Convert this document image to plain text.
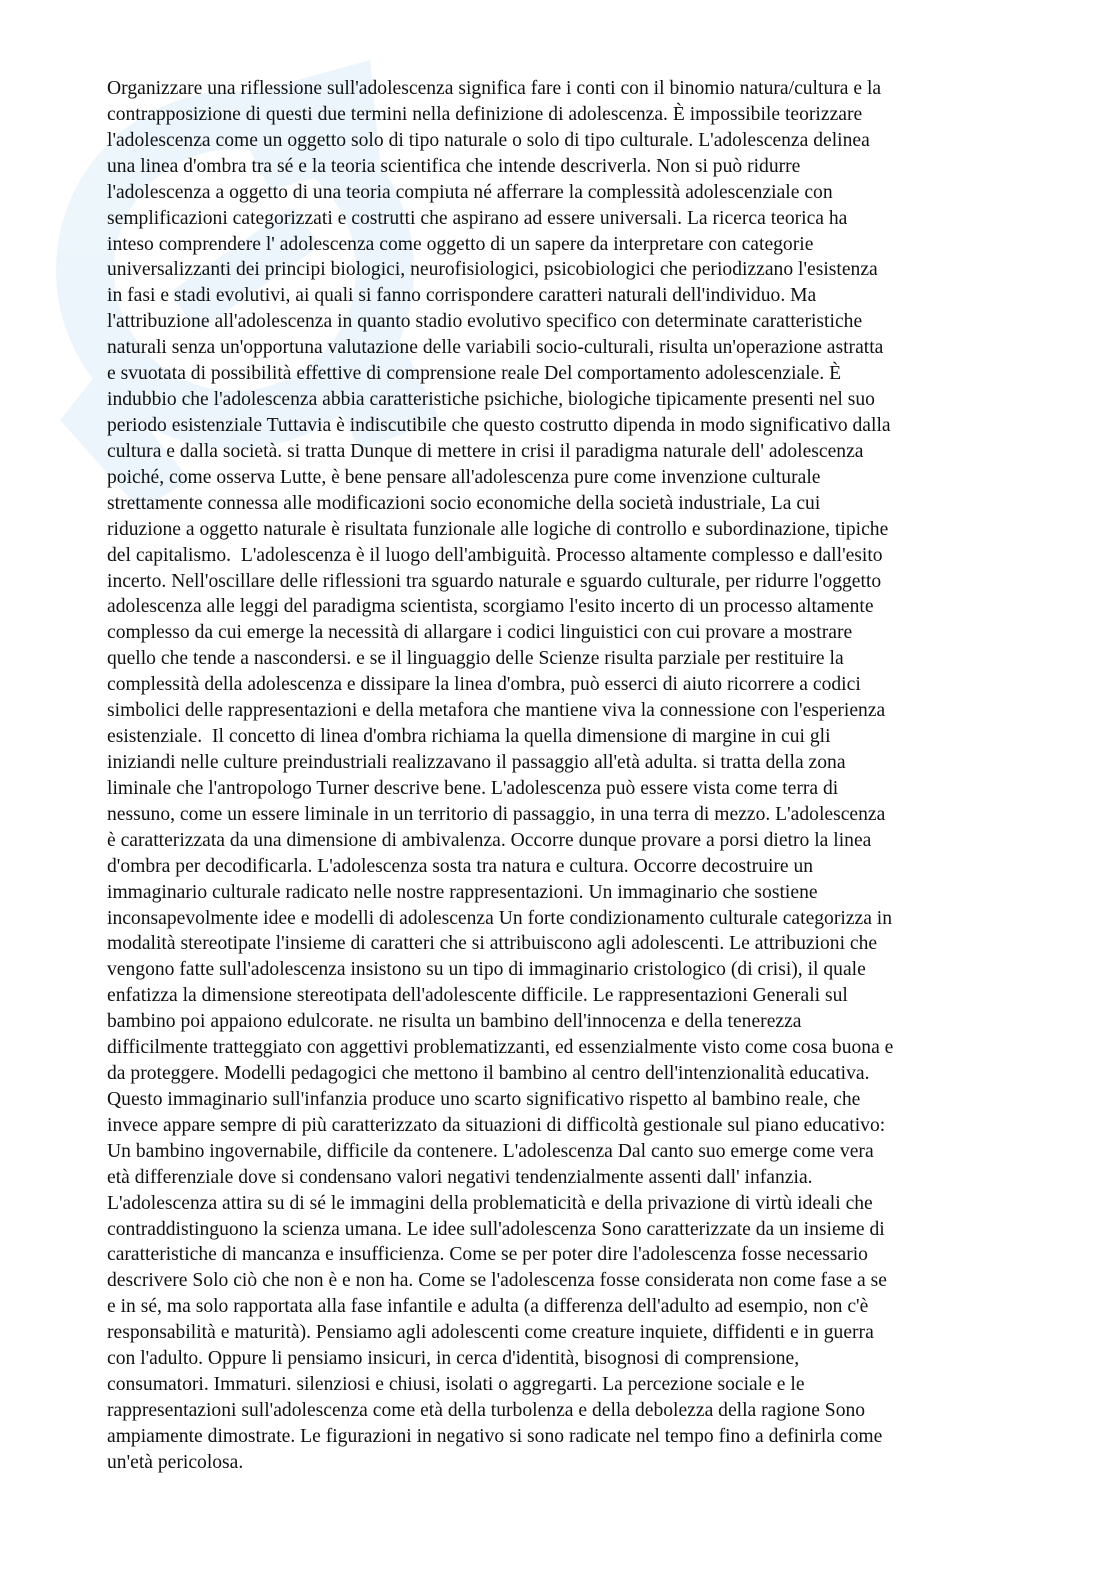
Organizzare una riflessione sull'adolescenza significa fare i conti con il binomio natura/cultura e la
contrapposizione di questi due termini nella definizione di adolescenza. È impossibile teorizzare
l'adolescenza come un oggetto solo di tipo naturale o solo di tipo culturale. L'adolescenza delinea
una linea d'ombra tra sé e la teoria scientifica che intende descriverla. Non si può ridurre
l'adolescenza a oggetto di una teoria compiuta né afferrare la complessità adolescenziale con
semplificazioni categorizzati e costrutti che aspirano ad essere universali. La ricerca teorica ha
inteso comprendere l' adolescenza come oggetto di un sapere da interpretare con categorie
universalizzanti dei principi biologici, neurofisiologici, psicobiologici che periodizzano l'esistenza
in fasi e stadi evolutivi, ai quali si fanno corrispondere caratteri naturali dell'individuo. Ma
l'attribuzione all'adolescenza in quanto stadio evolutivo specifico con determinate caratteristiche
naturali senza un'opportuna valutazione delle variabili socio-culturali, risulta un'operazione astratta
e svuotata di possibilità effettive di comprensione reale Del comportamento adolescenziale. È
indubbio che l'adolescenza abbia caratteristiche psichiche, biologiche tipicamente presenti nel suo
periodo esistenziale Tuttavia è indiscutibile che questo costrutto dipenda in modo significativo dalla
cultura e dalla società. si tratta Dunque di mettere in crisi il paradigma naturale dell' adolescenza
poiché, come osserva Lutte, è bene pensare all'adolescenza pure come invenzione culturale
strettamente connessa alle modificazioni socio economiche della società industriale, La cui
riduzione a oggetto naturale è risultata funzionale alle logiche di controllo e subordinazione, tipiche
del capitalismo.  L'adolescenza è il luogo dell'ambiguità. Processo altamente complesso e dall'esito
incerto. Nell'oscillare delle riflessioni tra sguardo naturale e sguardo culturale, per ridurre l'oggetto
adolescenza alle leggi del paradigma scientista, scorgiamo l'esito incerto di un processo altamente
complesso da cui emerge la necessità di allargare i codici linguistici con cui provare a mostrare
quello che tende a nascondersi. e se il linguaggio delle Scienze risulta parziale per restituire la
complessità della adolescenza e dissipare la linea d'ombra, può esserci di aiuto ricorrere a codici
simbolici delle rappresentazioni e della metafora che mantiene viva la connessione con l'esperienza
esistenziale.  Il concetto di linea d'ombra richiama la quella dimensione di margine in cui gli
iniziandi nelle culture preindustriali realizzavano il passaggio all'età adulta. si tratta della zona
liminale che l'antropologo Turner descrive bene. L'adolescenza può essere vista come terra di
nessuno, come un essere liminale in un territorio di passaggio, in una terra di mezzo. L'adolescenza
è caratterizzata da una dimensione di ambivalenza. Occorre dunque provare a porsi dietro la linea
d'ombra per decodificarla. L'adolescenza sosta tra natura e cultura. Occorre decostruire un
immaginario culturale radicato nelle nostre rappresentazioni. Un immaginario che sostiene
inconsapevolmente idee e modelli di adolescenza Un forte condizionamento culturale categorizza in
modalità stereotipate l'insieme di caratteri che si attribuiscono agli adolescenti. Le attribuzioni che
vengono fatte sull'adolescenza insistono su un tipo di immaginario cristologico (di crisi), il quale
enfatizza la dimensione stereotipata dell'adolescente difficile. Le rappresentazioni Generali sul
bambino poi appaiono edulcorate. ne risulta un bambino dell'innocenza e della tenerezza
difficilmente tratteggiato con aggettivi problematizzanti, ed essenzialmente visto come cosa buona e
da proteggere. Modelli pedagogici che mettono il bambino al centro dell'intenzionalità educativa.
Questo immaginario sull'infanzia produce uno scarto significativo rispetto al bambino reale, che
invece appare sempre di più caratterizzato da situazioni di difficoltà gestionale sul piano educativo:
Un bambino ingovernabile, difficile da contenere. L'adolescenza Dal canto suo emerge come vera
età differenziale dove si condensano valori negativi tendenzialmente assenti dall' infanzia.
L'adolescenza attira su di sé le immagini della problematicità e della privazione di virtù ideali che
contraddistinguono la scienza umana. Le idee sull'adolescenza Sono caratterizzate da un insieme di
caratteristiche di mancanza e insufficienza. Come se per poter dire l'adolescenza fosse necessario
descrivere Solo ciò che non è e non ha. Come se l'adolescenza fosse considerata non come fase a se
e in sé, ma solo rapportata alla fase infantile e adulta (a differenza dell'adulto ad esempio, non c'è
responsabilità e maturità). Pensiamo agli adolescenti come creature inquiete, diffidenti e in guerra
con l'adulto. Oppure li pensiamo insicuri, in cerca d'identità, bisognosi di comprensione,
consumatori. Immaturi. silenziosi e chiusi, isolati o aggregarti. La percezione sociale e le
rappresentazioni sull'adolescenza come età della turbolenza e della debolezza della ragione Sono
ampiamente dimostrate. Le figurazioni in negativo si sono radicate nel tempo fino a definirla come
un'età pericolosa.
